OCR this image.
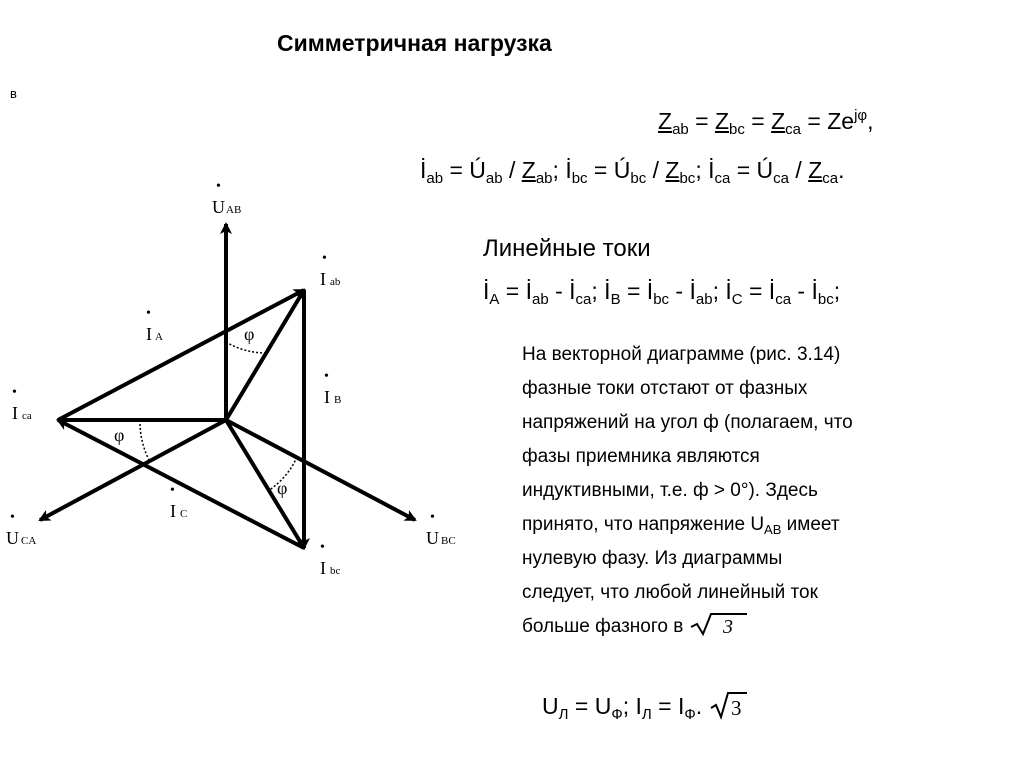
Симметричная нагрузка
в
$Z_{ab} = Z_{bc} = Z_{ca} = Ze^{j\varphi}$,
$İ_{ab}$ = $Ú_{ab} / Z_{ab}$; $İ_{bc}$ = $Ú_{bc} / Z_{bc}$; $İ_{ca}$ = $Ú_{ca} / Z_{ca}$.
Линейные токи
$İ_A$ = $İ_{ab}$ - $İ_{ca}$; $İ_B$ = $İ_{bc}$ - $İ_{ab}$; $İ_C$ = $İ_{ca}$ - $İ_{bc}$;
На векторной диаграмме (рис. 3.14)
фазные токи отстают от фазных
напряжений на угол ф (полагаем, что
фазы приемника являются
индуктивными, т.е. ф > 0°). Здесь
принято, что напряжение $U_{AB}$ имеет
нулевую фазу. Из диаграммы
следует, что любой линейный ток
больше фазного в 3
$U_Л = U_Ф$; $I_Л = I_Ф$. 3
φ
φ
φ
•
U AB
•
I ab
•
I A
•
I B
•
I ca
•
I C
•
U CA
•
U BC
•
I bc
